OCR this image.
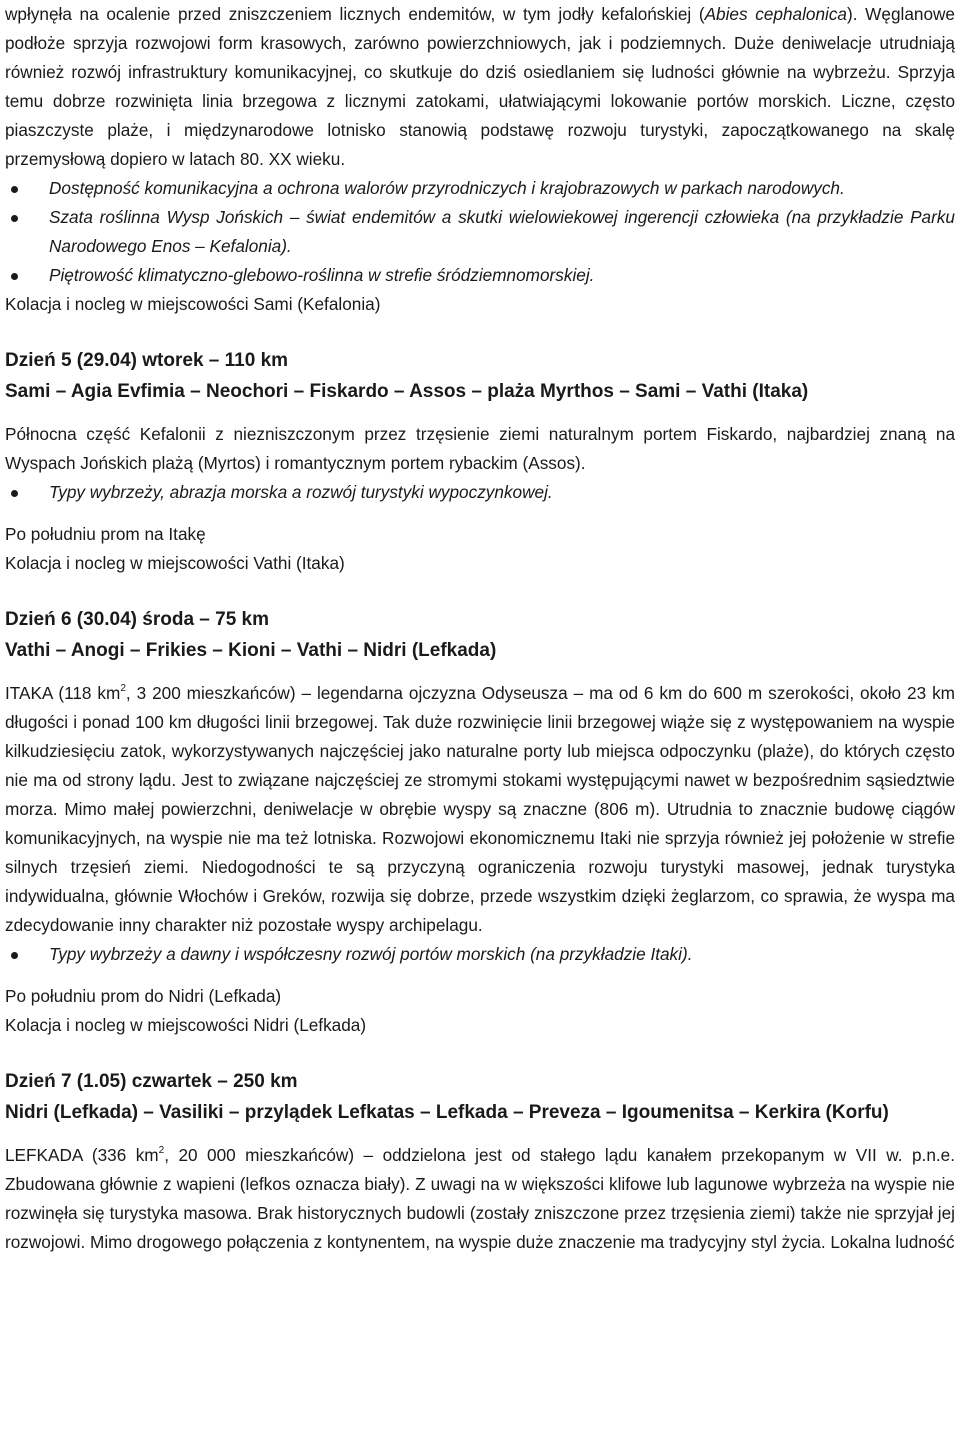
wpłynęła na ocalenie przed zniszczeniem licznych endemitów, w tym jodły kefalońskiej (Abies cephalonica). Węglanowe podłoże sprzyja rozwojowi form krasowych, zarówno powierzchniowych, jak i podziemnych. Duże deniwelacje utrudniają również rozwój infrastruktury komunikacyjnej, co skutkuje do dziś osiedlaniem się ludności głównie na wybrzeżu. Sprzyja temu dobrze rozwinięta linia brzegowa z licznymi zatokami, ułatwiającymi lokowanie portów morskich. Liczne, często piaszczyste plaże, i międzynarodowe lotnisko stanowią podstawę rozwoju turystyki, zapoczątkowanego na skalę przemysłową dopiero w latach 80. XX wieku.

Dostępność komunikacyjna a ochrona walorów przyrodniczych i krajobrazowych w parkach narodowych.
Szata roślinna Wysp Jońskich – świat endemitów a skutki wielowiekowej ingerencji człowieka (na przykładzie Parku Narodowego Enos – Kefalonia).
Piętrowość klimatyczno-glebowo-roślinna w strefie śródziemnomorskiej.

Kolacja i nocleg w miejscowości Sami (Kefalonia)

Dzień 5 (29.04) wtorek – 110 km

Sami – Agia Evfimia – Neochori – Fiskardo – Assos – plaża Myrthos – Sami – Vathi (Itaka)

Północna część Kefalonii z niezniszczonym przez trzęsienie ziemi naturalnym portem Fiskardo, najbardziej znaną na Wyspach Jońskich plażą (Myrtos) i romantycznym portem rybackim (Assos).

Typy wybrzeży, abrazja morska a rozwój turystyki wypoczynkowej.

Po południu prom na Itakę

Kolacja i nocleg w miejscowości Vathi (Itaka)

Dzień 6 (30.04) środa – 75 km

Vathi – Anogi – Frikies – Kioni – Vathi – Nidri (Lefkada)

ITAKA (118 $km^2$, 3 200 mieszkańców) – legendarna ojczyzna Odyseusza – ma od 6 km do 600 m szerokości, około 23 km długości i ponad 100 km długości linii brzegowej. Tak duże rozwinięcie linii brzegowej wiąże się z występowaniem na wyspie kilkudziesięciu zatok, wykorzystywanych najczęściej jako naturalne porty lub miejsca odpoczynku (plaże), do których często nie ma od strony lądu. Jest to związane najczęściej ze stromymi stokami występującymi nawet w bezpośrednim sąsiedztwie morza. Mimo małej powierzchni, deniwelacje w obrębie wyspy są znaczne (806 m). Utrudnia to znacznie budowę ciągów komunikacyjnych, na wyspie nie ma też lotniska. Rozwojowi ekonomicznemu Itaki nie sprzyja również jej położenie w strefie silnych trzęsień ziemi. Niedogodności te są przyczyną ograniczenia rozwoju turystyki masowej, jednak turystyka indywidualna, głównie Włochów i Greków, rozwija się dobrze, przede wszystkim dzięki żeglarzom, co sprawia, że wyspa ma zdecydowanie inny charakter niż pozostałe wyspy archipelagu.

Typy wybrzeży a dawny i współczesny rozwój portów morskich (na przykładzie Itaki).

Po południu prom do Nidri (Lefkada)

Kolacja i nocleg w miejscowości Nidri (Lefkada)

Dzień 7 (1.05) czwartek – 250 km

Nidri (Lefkada) – Vasiliki – przylądek Lefkatas – Lefkada – Preveza – Igoumenitsa – Kerkira (Korfu)

LEFKADA (336 $km^2$, 20 000 mieszkańców) – oddzielona jest od stałego lądu kanałem przekopanym w VII w. p.n.e. Zbudowana głównie z wapieni (lefkos oznacza biały). Z uwagi na w większości klifowe lub lagunowe wybrzeża na wyspie nie rozwinęła się turystyka masowa. Brak historycznych budowli (zostały zniszczone przez trzęsienia ziemi) także nie sprzyjał jej rozwojowi. Mimo drogowego połączenia z kontynentem, na wyspie duże znaczenie ma tradycyjny styl życia. Lokalna ludność
